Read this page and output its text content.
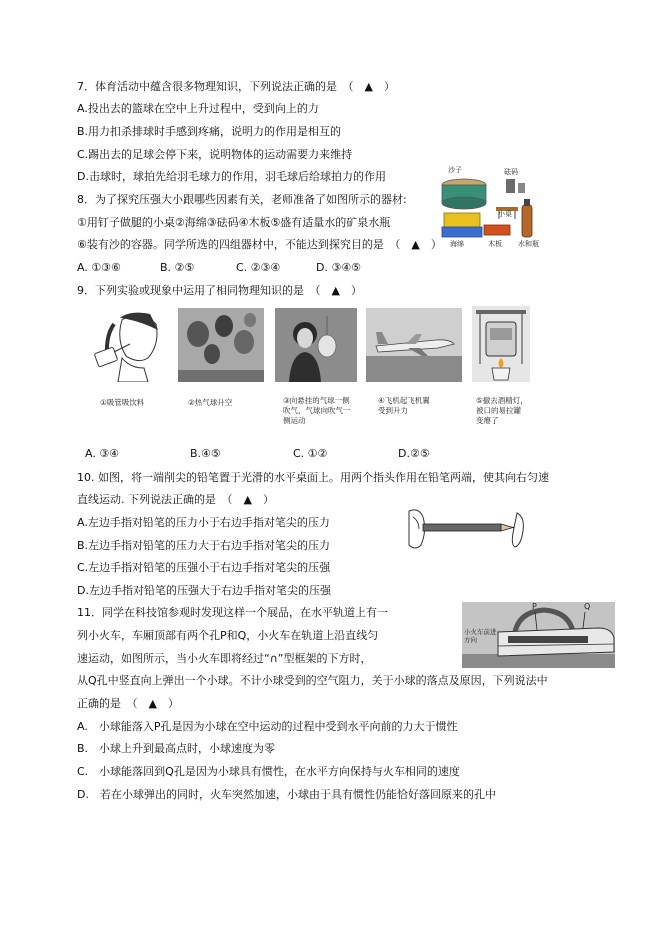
7．体育活动中蕴含很多物理知识，下列说法正确的是　（　▲　）
A.投出去的篮球在空中上升过程中，受到向上的力
B.用力扣杀排球时手感到疼痛，说明力的作用是相互的
C.踢出去的足球会停下来，说明物体的运动需要力来维持
D.击球时，球拍先给羽毛球力的作用，羽毛球后给球拍力的作用
8．为了探究压强大小跟哪些因素有关，老师准备了如图所示的器材:
①用钉子做腿的小桌②海绵③砝码④木板⑤盛有适量水的矿泉水瓶
⑥装有沙的容器。同学所选的四组器材中，不能达到探究目的是　（　▲　）
A. ①③⑥	B. ②⑤	C. ②③④	D. ③④⑤
沙子	砝码
小桌
海绵	木板 水和瓶
9．下列实验或现象中运用了相同物理知识的是　（　▲　）
①吸管吸饮料	②热气球升空	③向悬挂的气球一侧吹气，气球向吹气一侧运动
④飞机起飞机翼受到升力
⑤撤去酒精灯，被口的易拉罐变瘪了
A. ③④	B.④⑤	C. ①②	D.②⑤
10. 如图，将一端削尖的铅笔置于光滑的水平桌面上。用两个指头作用在铅笔两端，使其向右匀速
直线运动. 下列说法正确的是　（　▲　）
A.左边手指对铅笔的压力小于右边手指对笔尖的压力
B.左边手指对铅笔的压力大于右边手指对笔尖的压力
C.左边手指对铅笔的压强小于右边手指对笔尖的压强
D.左边手指对铅笔的压强大于右边手指对笔尖的压强
11．同学在科技馆参观时发现这样一个展品，在水平轨道上有一
列小火车，车厢顶部有两个孔P和Q，小火车在轨道上沿直线匀
速运动，如图所示，当小火车即将经过“∩”型框架的下方时，
从Q孔中竖直向上弹出一个小球。不计小球受到的空气阻力，关于小球的落点及原因，下列说法中
正确的是　（　▲　）
P	Q
小火车前进方向
A.　小球能落入P孔是因为小球在空中运动的过程中受到水平向前的力大于惯性
B.　小球上升到最高点时，小球速度为零
C.　小球能落回到Q孔是因为小球具有惯性，在水平方向保持与火车相同的速度
D.　若在小球弹出的同时，火车突然加速，小球由于具有惯性仍能恰好落回原来的孔中
